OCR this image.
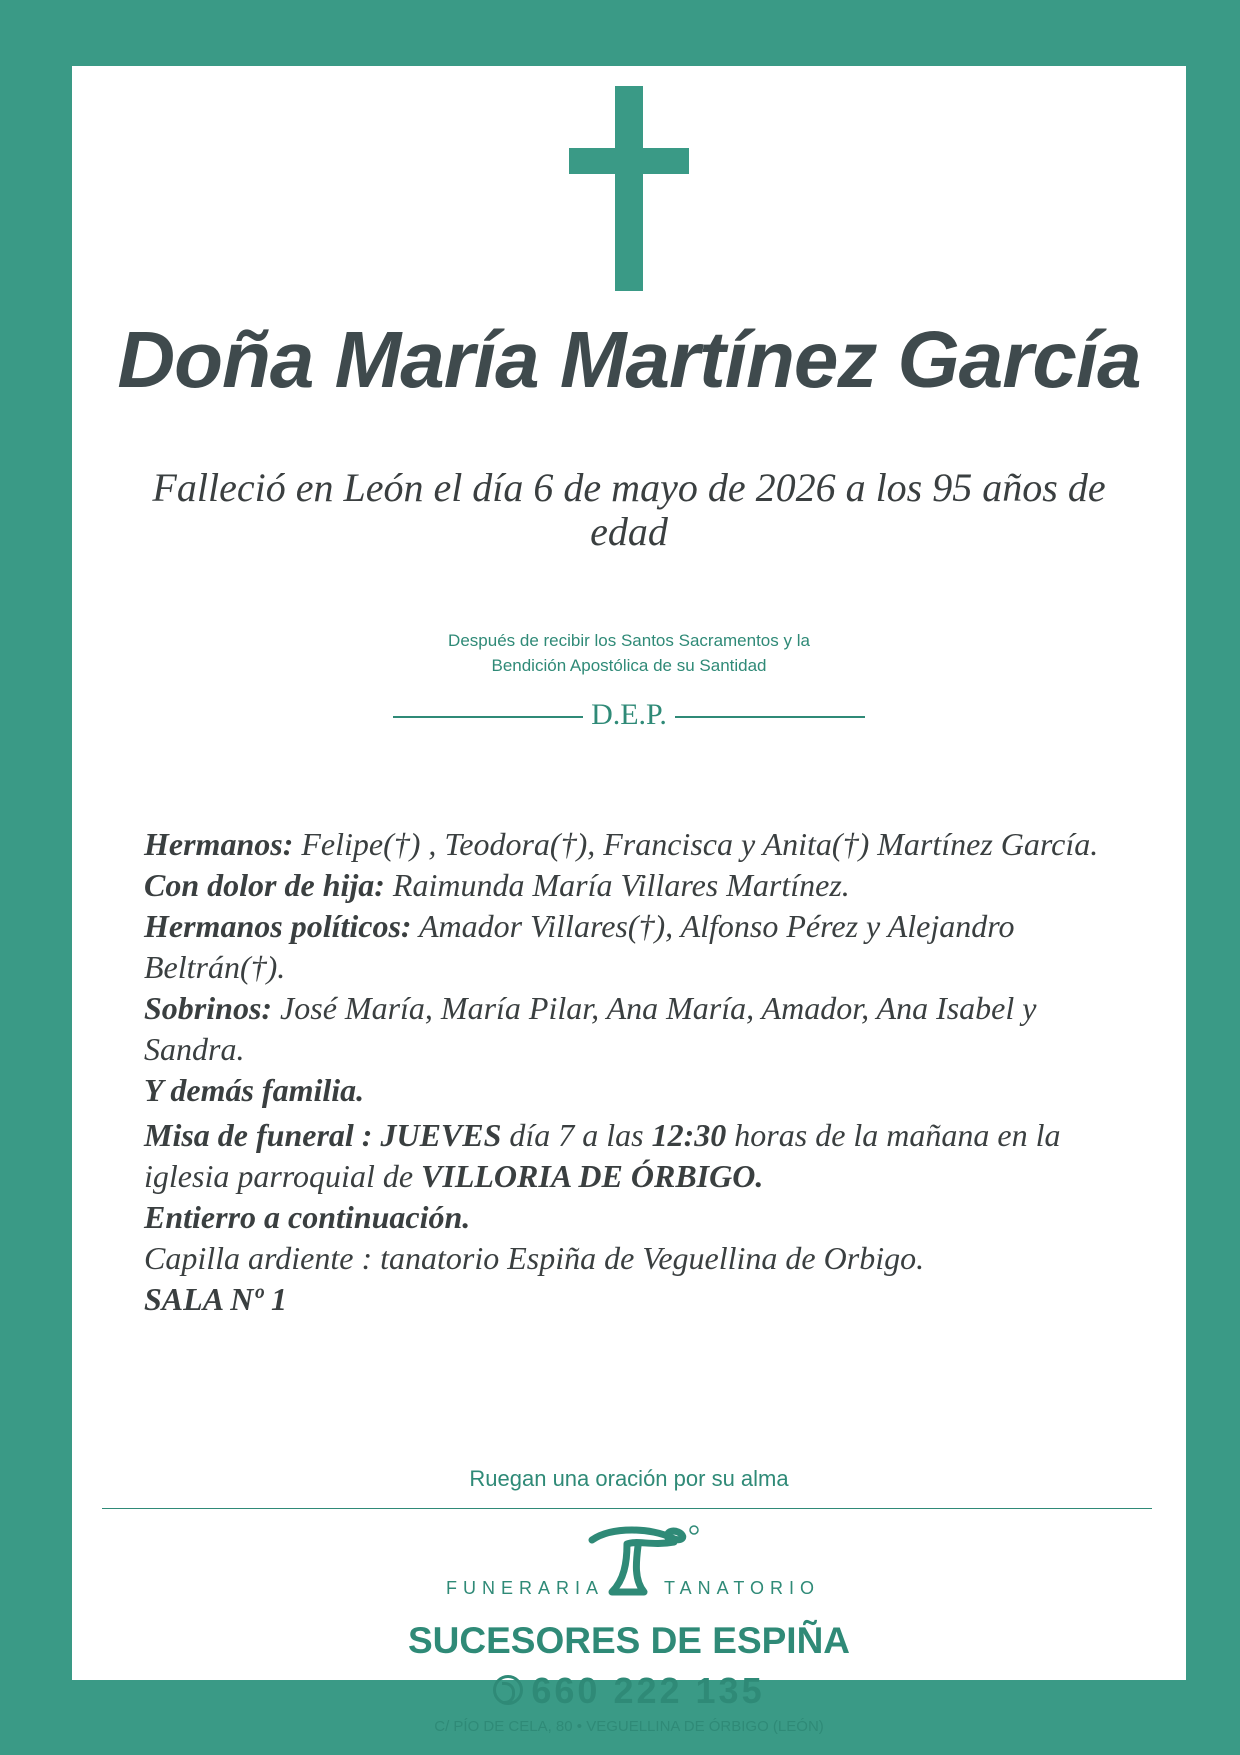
Doña María Martínez García
Falleció en León el día 6 de mayo de 2026 a los 95 años de edad
Después de recibir los Santos Sacramentos y la
Bendición Apostólica de su Santidad
D.E.P.

Hermanos: Felipe(†) , Teodora(†), Francisca y Anita(†) Martínez García.

Con dolor de hija: Raimunda María Villares Martínez.

Hermanos políticos: Amador Villares(†), Alfonso Pérez y Alejandro Beltrán(†).

Sobrinos: José María, María Pilar, Ana María, Amador, Ana Isabel y Sandra.

Y demás familia.

Misa de funeral : JUEVES día 7 a las 12:30 horas de la mañana en la iglesia parroquial de VILLORIA DE ÓRBIGO.

Entierro a continuación.

Capilla ardiente : tanatorio Espiña de Veguellina de Orbigo.

SALA Nº 1

Ruegan una oración por su alma
FUNERARIA	TANATORIO
SUCESORES DE ESPIÑA
660 222 135
C/ PÍO DE CELA, 80 • VEGUELLINA DE ÓRBIGO (LEÓN)
